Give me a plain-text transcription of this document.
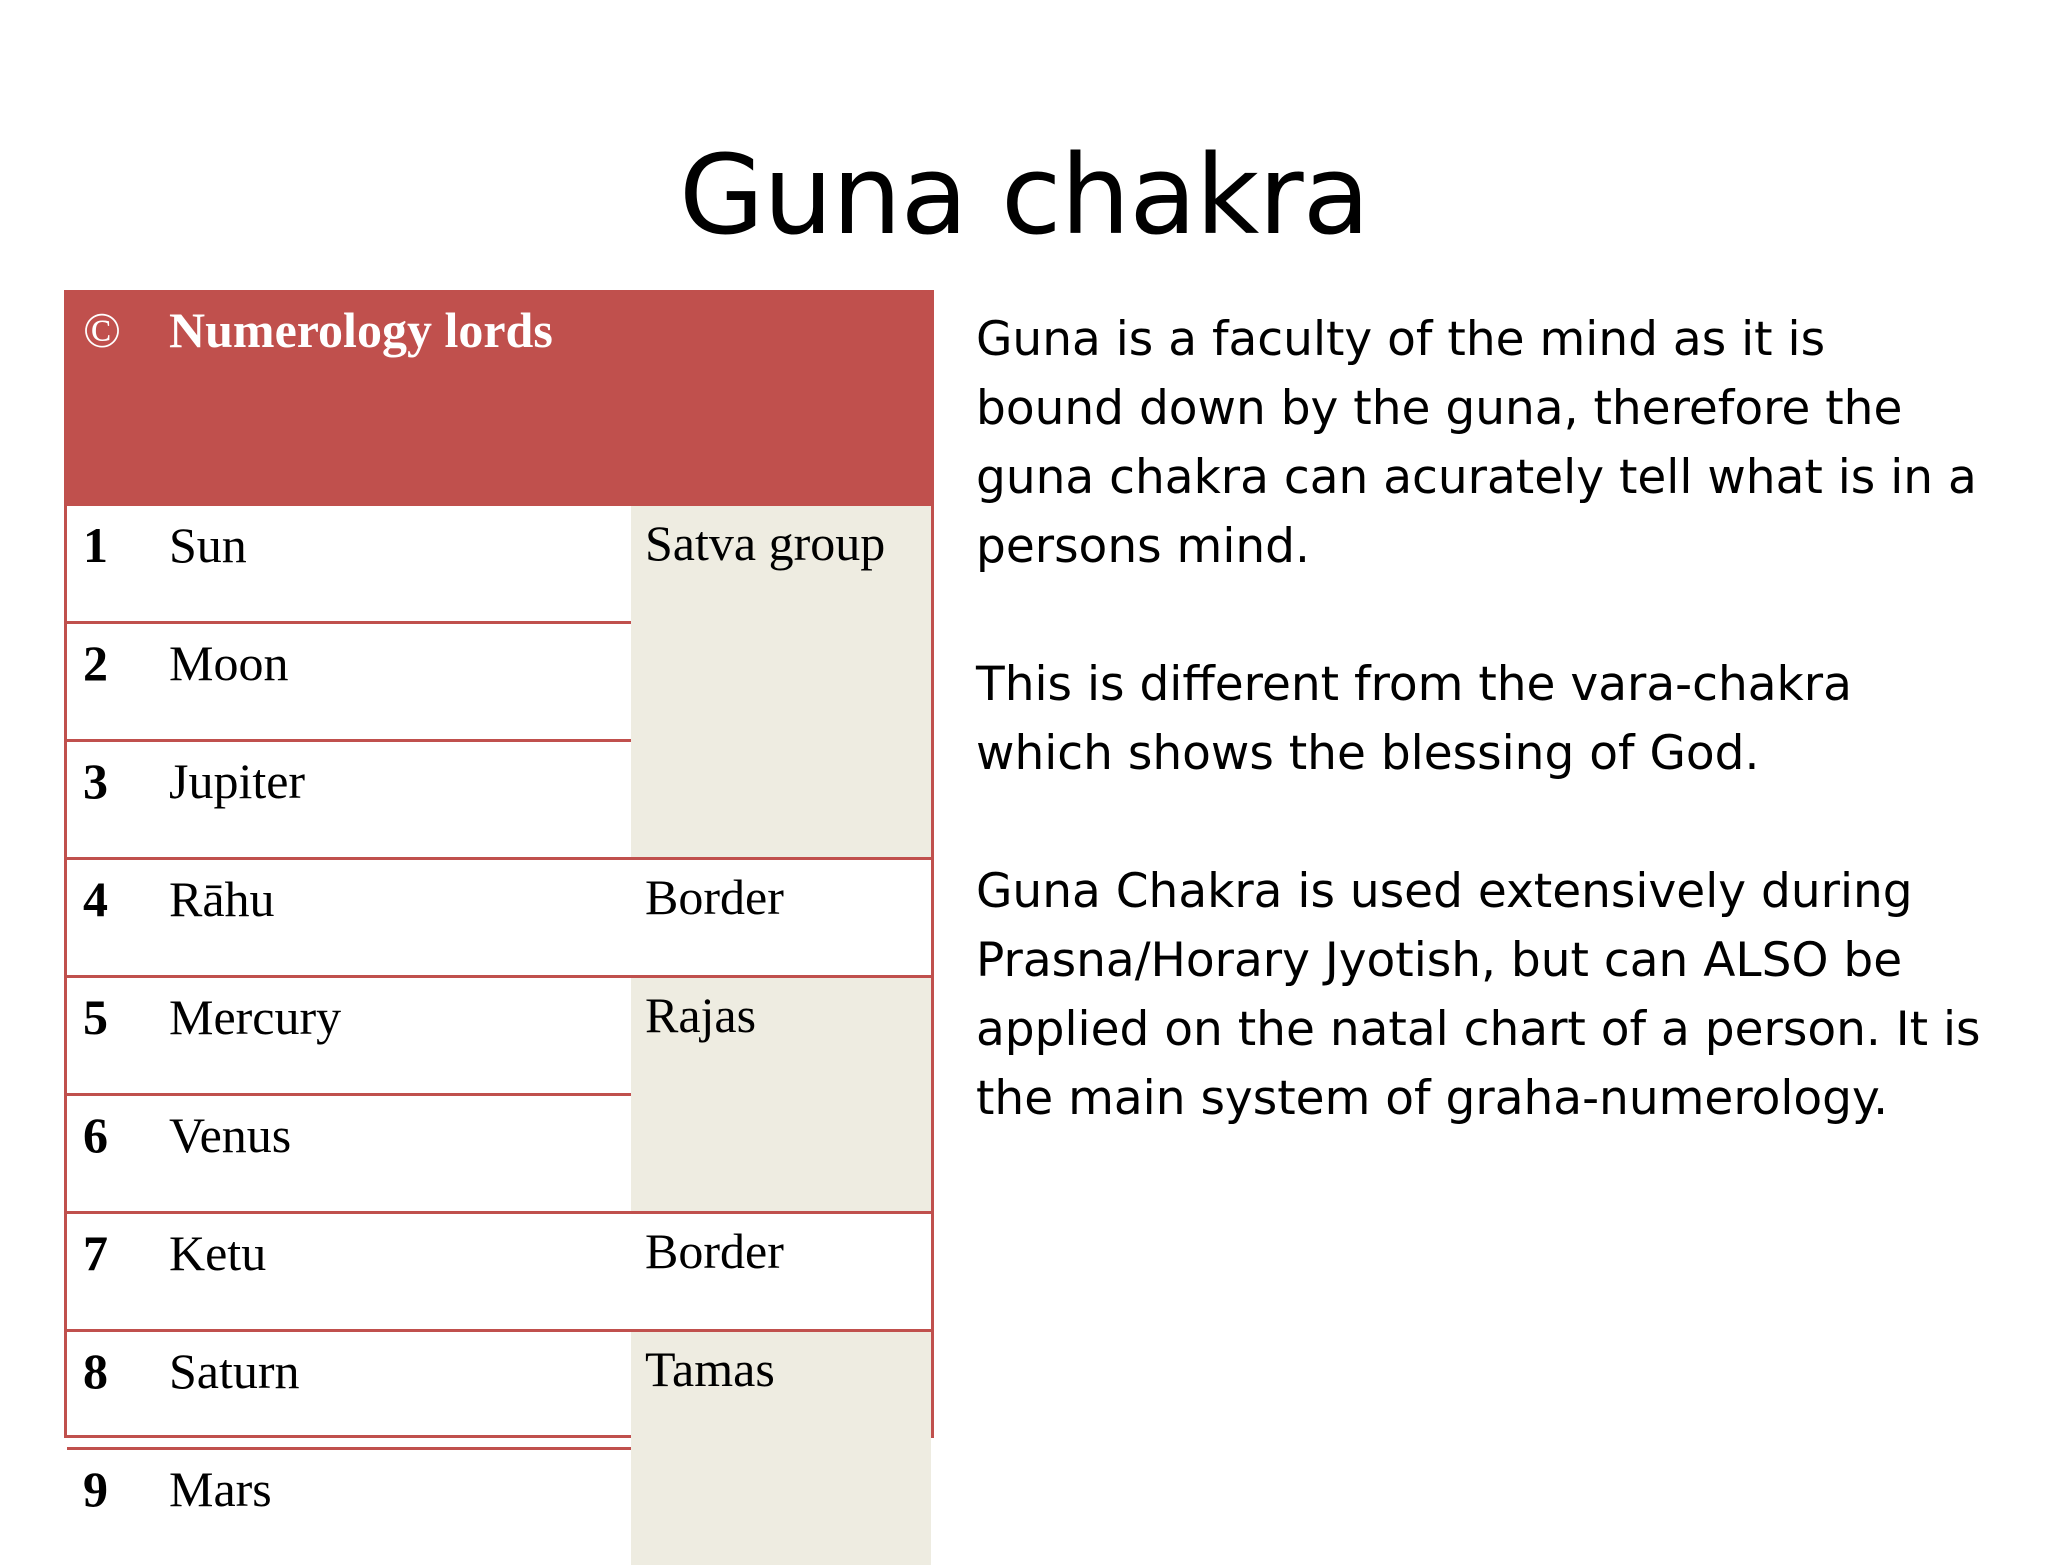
Guna chakra
©	Numerology lords	
1	Sun	Satva group
2	Moon	
3	Jupiter	
4	Rāhu	Border
5	Mercury	Rajas
6	Venus	
7	Ketu	Border
8	Saturn	Tamas
9	Mars	

Guna is a faculty of the mind as it is bound down by the guna, therefore the guna chakra can acurately tell what is in a persons mind.

This is different from the vara-chakra which shows the blessing of God.

Guna Chakra is used extensively during Prasna/Horary Jyotish, but can ALSO be applied on the natal chart of a person. It is the main system of graha-numerology.
